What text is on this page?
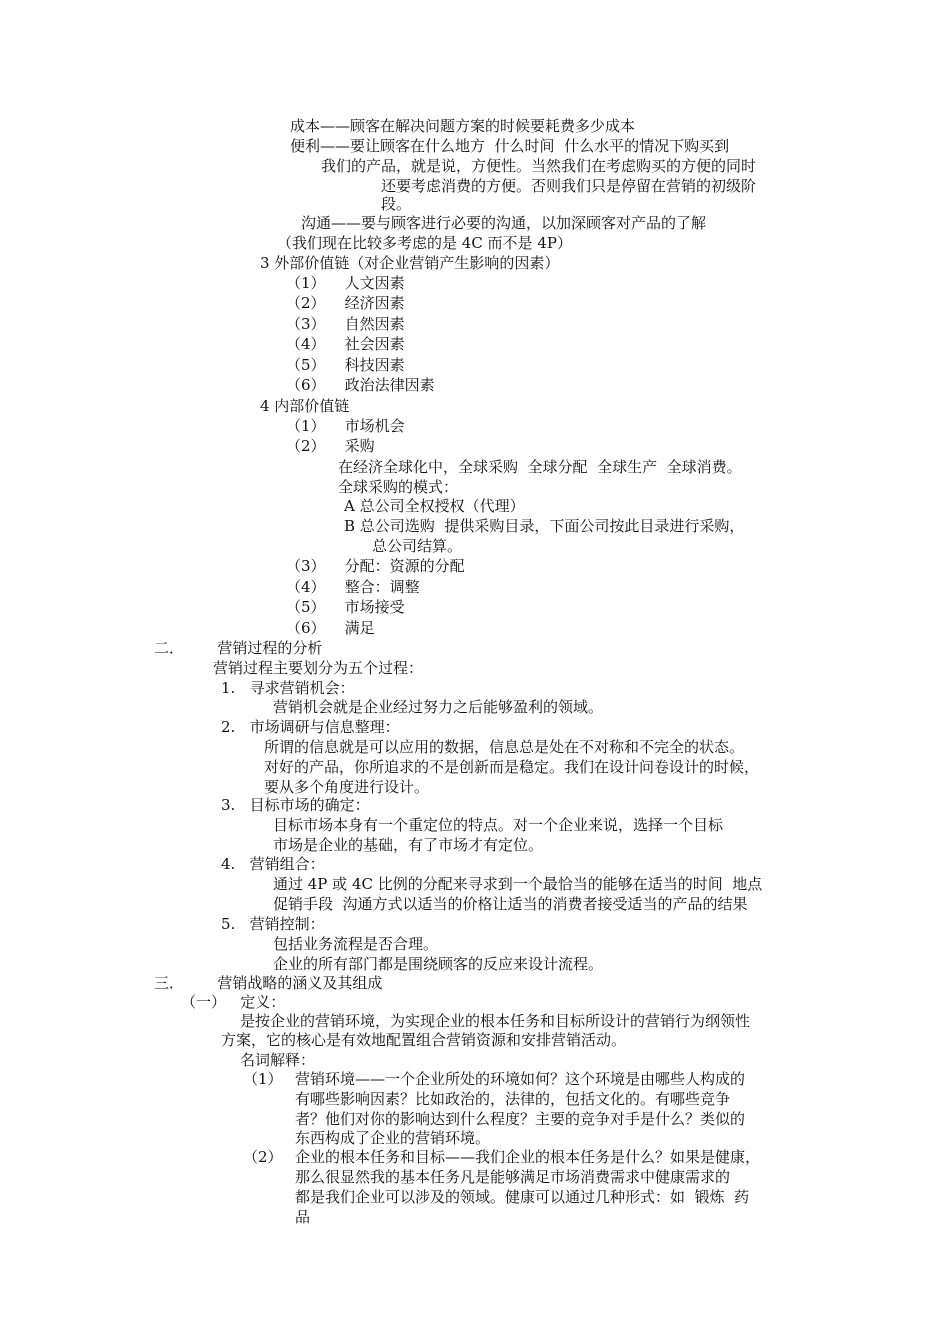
成本——顾客在解决问题方案的时候要耗费多少成本
便利——要让顾客在什么地方  什么时间  什么水平的情况下购买到
我们的产品，就是说，方便性。当然我们在考虑购买的方便的同时
还要考虑消费的方便。否则我们只是停留在营销的初级阶
段。
沟通——要与顾客进行必要的沟通，以加深顾客对产品的了解
（我们现在比较多考虑的是 4C 而不是 4P）
3 外部价值链（对企业营销产生影响的因素）
（1）    人文因素
（2）    经济因素
（3）    自然因素
（4）    社会因素
（5）    科技因素
（6）    政治法律因素
4 内部价值链
（1）    市场机会
（2）    采购
在经济全球化中，全球采购  全球分配  全球生产  全球消费。
全球采购的模式：
A 总公司全权授权（代理）
B 总公司选购  提供采购目录，下面公司按此目录进行采购，
总公司结算。
（3）    分配：资源的分配
（4）    整合：调整
（5）    市场接受
（6）    满足
二．       营销过程的分析
营销过程主要划分为五个过程：
1.   寻求营销机会：
营销机会就是企业经过努力之后能够盈利的领域。
2.   市场调研与信息整理：
所谓的信息就是可以应用的数据，信息总是处在不对称和不完全的状态。
对好的产品，你所追求的不是创新而是稳定。我们在设计问卷设计的时候，
要从多个角度进行设计。
3.   目标市场的确定：
目标市场本身有一个重定位的特点。对一个企业来说，选择一个目标
市场是企业的基础，有了市场才有定位。
4.   营销组合：
通过 4P 或 4C 比例的分配来寻求到一个最恰当的能够在适当的时间  地点
促销手段  沟通方式以适当的价格让适当的消费者接受适当的产品的结果
5.   营销控制：
包括业务流程是否合理。
企业的所有部门都是围绕顾客的反应来设计流程。
三．       营销战略的涵义及其组成
（一）   定义：
是按企业的营销环境，为实现企业的根本任务和目标所设计的营销行为纲领性
方案，它的核心是有效地配置组合营销资源和安排营销活动。
名词解释：
（1） 营销环境——一个企业所处的环境如何？这个环境是由哪些人构成的
有哪些影响因素？比如政治的，法律的，包括文化的。有哪些竞争
者？他们对你的影响达到什么程度？主要的竞争对手是什么？类似的
东西构成了企业的营销环境。
（2） 企业的根本任务和目标——我们企业的根本任务是什么？如果是健康，
那么很显然我的基本任务凡是能够满足市场消费需求中健康需求的
都是我们企业可以涉及的领域。健康可以通过几种形式：如  锻炼  药
品
